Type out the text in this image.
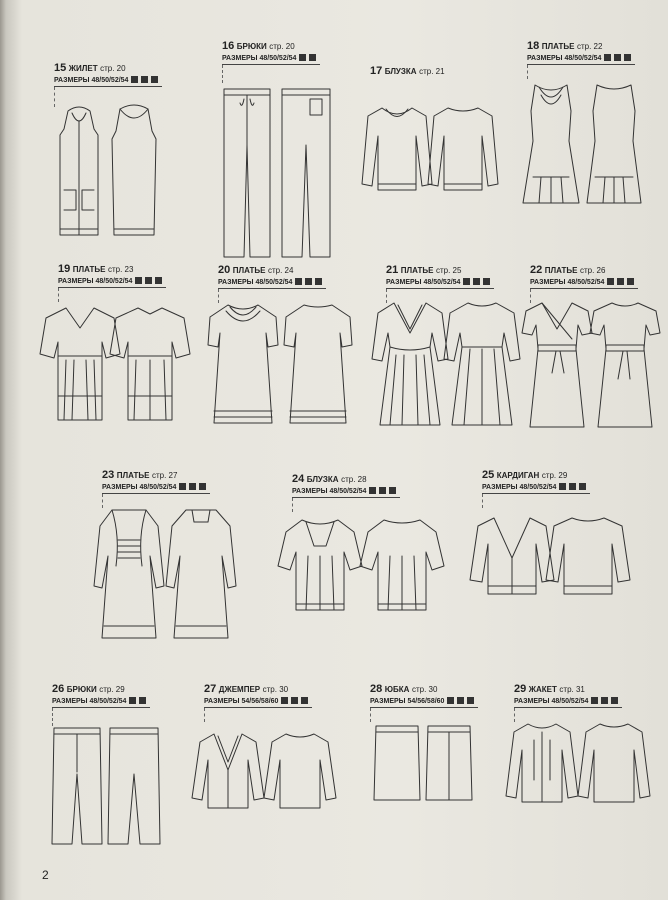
15 ЖИЛЕТ стр. 20
РАЗМЕРЫ 48/50/52/54
16 БРЮКИ стр. 20
РАЗМЕРЫ 48/50/52/54
17 БЛУЗКА стр. 21
18 ПЛАТЬЕ стр. 22
РАЗМЕРЫ 48/50/52/54
19 ПЛАТЬЕ стр. 23
РАЗМЕРЫ 48/50/52/54
20 ПЛАТЬЕ стр. 24
РАЗМЕРЫ 48/50/52/54
21 ПЛАТЬЕ стр. 25
РАЗМЕРЫ 48/50/52/54
22 ПЛАТЬЕ стр. 26
РАЗМЕРЫ 48/50/52/54
23 ПЛАТЬЕ стр. 27
РАЗМЕРЫ 48/50/52/54
24 БЛУЗКА стр. 28
РАЗМЕРЫ 48/50/52/54
25 КАРДИГАН стр. 29
РАЗМЕРЫ 48/50/52/54
26 БРЮКИ стр. 29
РАЗМЕРЫ 48/50/52/54
27 ДЖЕМПЕР стр. 30
РАЗМЕРЫ 54/56/58/60
28 ЮБКА стр. 30
РАЗМЕРЫ 54/56/58/60
29 ЖАКЕТ стр. 31
РАЗМЕРЫ 48/50/52/54
2
